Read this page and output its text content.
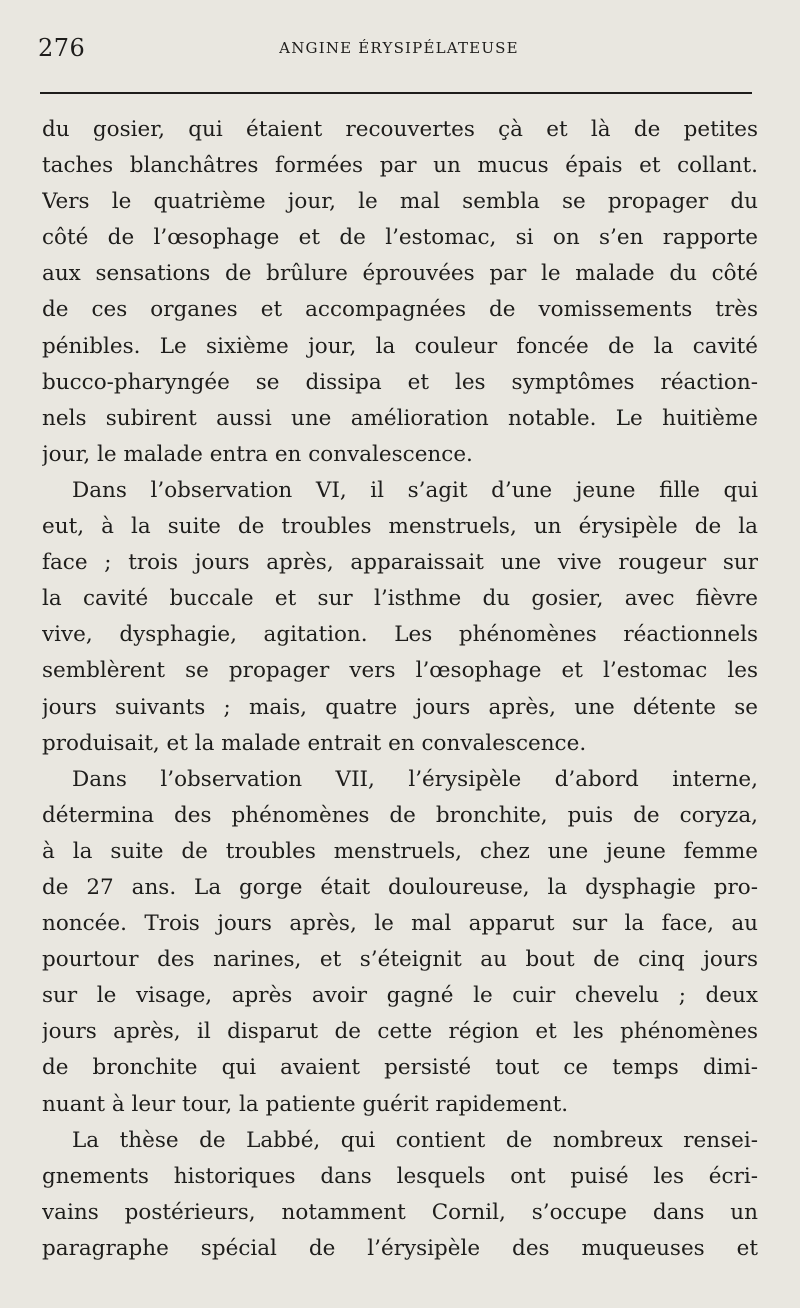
276	ANGINE ÉRYSIPÉLATEUSE
du gosier, qui étaient recouvertes çà et là de petites
taches blanchâtres formées par un mucus épais et collant.
Vers le quatrième jour, le mal sembla se propager du
côté de l’œsophage et de l’estomac, si on s’en rapporte
aux sensations de brûlure éprouvées par le malade du côté
de ces organes et accompagnées de vomissements très
pénibles. Le sixième jour, la couleur foncée de la cavité
bucco-pharyngée se dissipa et les symptômes réaction-
nels subirent aussi une amélioration notable. Le huitième
jour, le malade entra en convalescence.
Dans l’observation VI, il s’agit d’une jeune fille qui
eut, à la suite de troubles menstruels, un érysipèle de la
face ; trois jours après, apparaissait une vive rougeur sur
la cavité buccale et sur l’isthme du gosier, avec fièvre
vive, dysphagie, agitation. Les phénomènes réactionnels
semblèrent se propager vers l’œsophage et l’estomac les
jours suivants ; mais, quatre jours après, une détente se
produisait, et la malade entrait en convalescence.
Dans l’observation VII, l’érysipèle d’abord interne,
détermina des phénomènes de bronchite, puis de coryza,
à la suite de troubles menstruels, chez une jeune femme
de 27 ans. La gorge était douloureuse, la dysphagie pro-
noncée. Trois jours après, le mal apparut sur la face, au
pourtour des narines, et s’éteignit au bout de cinq jours
sur le visage, après avoir gagné le cuir chevelu ; deux
jours après, il disparut de cette région et les phénomènes
de bronchite qui avaient persisté tout ce temps dimi-
nuant à leur tour, la patiente guérit rapidement.
La thèse de Labbé, qui contient de nombreux rensei-
gnements historiques dans lesquels ont puisé les écri-
vains postérieurs, notamment Cornil, s’occupe dans un
paragraphe spécial de l’érysipèle des muqueuses et
